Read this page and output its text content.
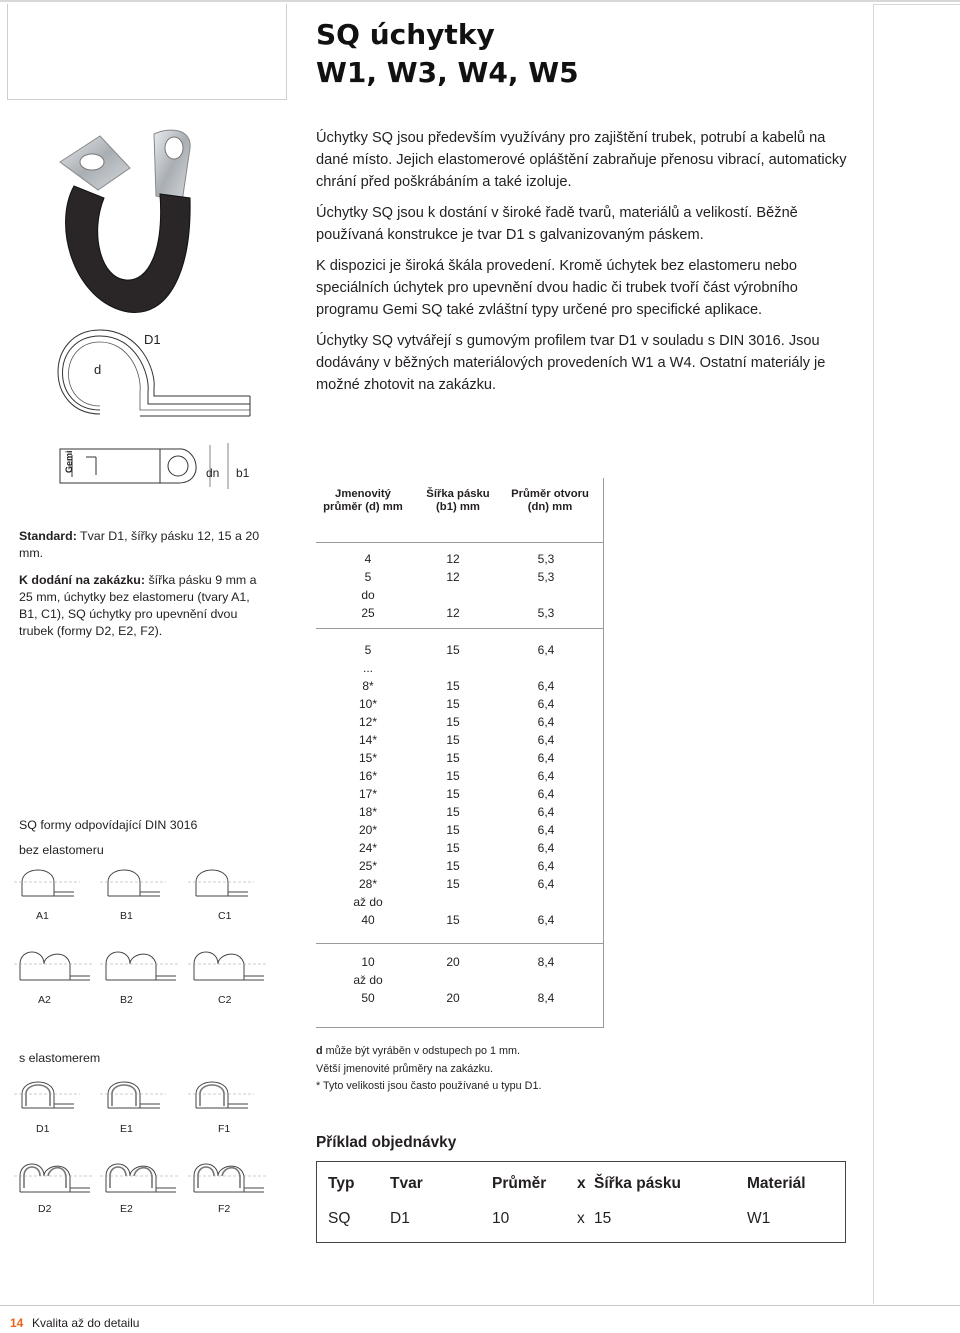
SQ úchytky
W1, W3, W4, W5
D1
d
Gemi	dn b1

Úchytky SQ jsou především využívány pro zajištění trubek, potrubí a kabelů na dané místo. Jejich elastomerové opláštění zabraňuje přenosu vibrací, automaticky chrání před poškrábáním a také izoluje.

Úchytky SQ jsou k dostání v široké řadě tvarů, materiálů a velikostí. Běžně používaná konstrukce je tvar D1 s galvanizovaným páskem.

K dispozici je široká škála provedení. Kromě úchytek bez elastomeru nebo speciálních úchytek pro upevnění dvou hadic či trubek tvoří část výrobního programu Gemi SQ také zvláštní typy určené pro specifické aplikace.

Úchytky SQ vytvářejí s gumovým profilem tvar D1 v souladu s DIN 3016. Jsou dodávány v běžných materiálových provedeních W1 a W4. Ostatní materiály je možné zhotovit na zakázku.

Standard: Tvar D1, šířky pásku 12, 15 a 20 mm.

K dodání na zakázku: šířka pásku 9 mm a 25 mm, úchytky bez elastomeru (tvary A1, B1, C1), SQ úchytky pro upevnění dvou trubek (formy D2, E2, F2).

Jmenovitý průměr (d) mm
Šířka pásku (b1) mm
Průměr otvoru (dn) mm
4	12	5,3
5	12	5,3
do
25	12	5,3
5	15	6,4
...
8*	15	6,4
10*	15	6,4
12*	15	6,4
14*	15	6,4
15*	15	6,4
16*	15	6,4
17*	15	6,4
18*	15	6,4
20*	15	6,4
24*	15	6,4
25*	15	6,4
28*	15	6,4
až do
40	15	6,4
10	20	8,4
až do
50	20	8,4
SQ formy odpovídající DIN 3016
bez elastomeru
s elastomerem
A1	B1	C1
A2	B2	C2
D1	E1	F1
D2	E2	F2
d může být vyráběn v odstupech po 1 mm.
Větší jmenovité průměry na zakázku.
* Tyto velikosti jsou často používané u typu D1.
Příklad objednávky
Typ Tvar	Průměr x Šířka pásku	Materiál
SQ	D1	10	x 15	W1
14 Kvalita až do detailu
